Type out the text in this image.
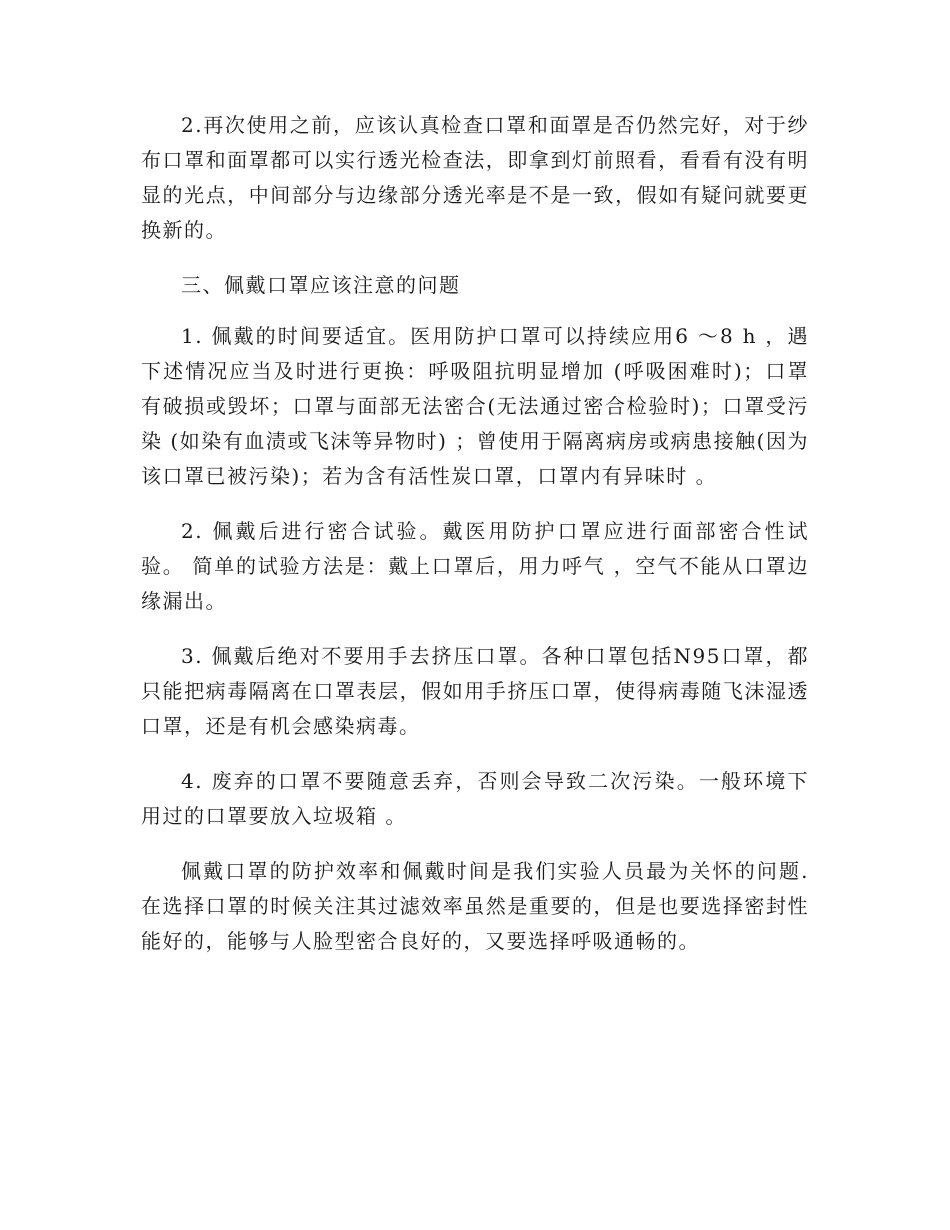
2.再次使用之前，应该认真检查口罩和面罩是否仍然完好，对于纱布口罩和面罩都可以实行透光检查法，即拿到灯前照看，看看有没有明显的光点，中间部分与边缘部分透光率是不是一致，假如有疑问就要更换新的。

三、佩戴口罩应该注意的问题

1. 佩戴的时间要适宜。医用防护口罩可以持续应用6 ～8 h ，遇下述情况应当及时进行更换：呼吸阻抗明显增加 (呼吸困难时)；口罩有破损或毁坏；口罩与面部无法密合(无法通过密合检验时)；口罩受污染 (如染有血渍或飞沫等异物时) ；曾使用于隔离病房或病患接触(因为该口罩已被污染)；若为含有活性炭口罩，口罩内有异味时 。

2. 佩戴后进行密合试验。戴医用防护口罩应进行面部密合性试验。 简单的试验方法是：戴上口罩后，用力呼气 ，空气不能从口罩边缘漏出。

3. 佩戴后绝对不要用手去挤压口罩。各种口罩包括N95口罩，都只能把病毒隔离在口罩表层，假如用手挤压口罩，使得病毒随飞沫湿透口罩，还是有机会感染病毒。

4. 废弃的口罩不要随意丢弃，否则会导致二次污染。一般环境下用过的口罩要放入垃圾箱 。

佩戴口罩的防护效率和佩戴时间是我们实验人员最为关怀的问题.在选择口罩的时候关注其过滤效率虽然是重要的，但是也要选择密封性能好的，能够与人脸型密合良好的，又要选择呼吸通畅的。
